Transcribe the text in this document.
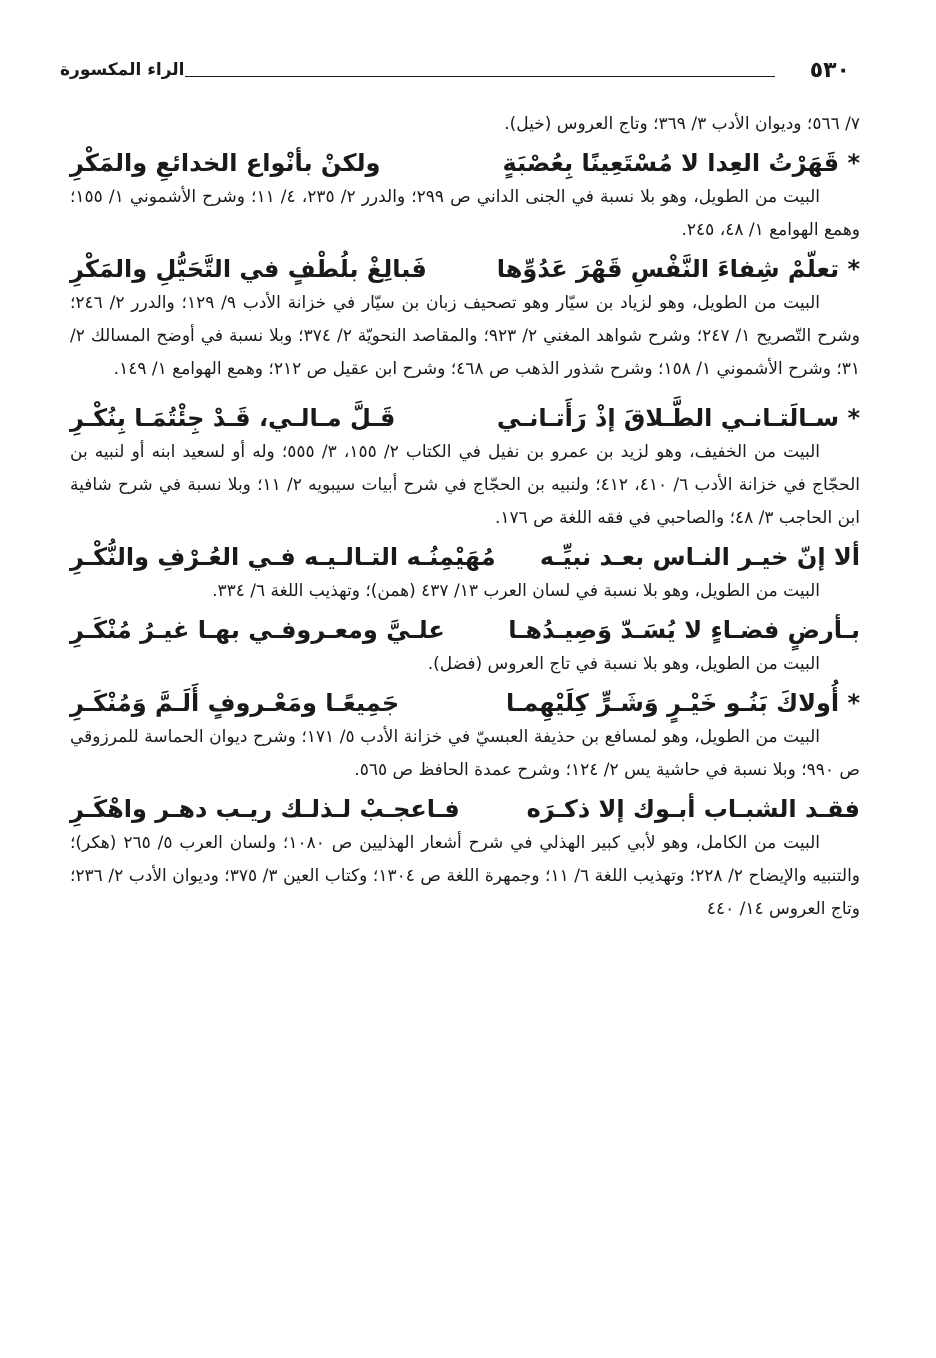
٥٣٠
الراء المكسورة
٧/ ٥٦٦؛ وديوان الأدب ٣/ ٣٦٩؛ وتاج العروس (خيل).
* قَهَرْتُ العِدا لا مُسْتَعِينًا بِعُصْبَةٍ
ولكنْ بأنْواع الخدائعِ والمَكْرِ
البيت من الطويل، وهو بلا نسبة في الجنى الداني ص ٢٩٩؛ والدرر ٢/ ٢٣٥، ٤/ ١١؛ وشرح الأشموني ١/ ١٥٥؛ وهمع الهوامع ١/ ٤٨، ٢٤٥.
* تعلّمْ شِفاءَ النَّفْسِ قَهْرَ عَدُوِّها
فَبالِغْ بلُطْفٍ في التَّحَيُّلِ والمَكْرِ
البيت من الطويل، وهو لزياد بن سيّار وهو تصحيف زبان بن سيّار في خزانة الأدب ٩/ ١٢٩؛ والدرر ٢/ ٢٤٦؛ وشرح التّصريح ١/ ٢٤٧؛ وشرح شواهد المغني ٢/ ٩٢٣؛ والمقاصد النحويّة ٢/ ٣٧٤؛ وبلا نسبة في أوضح المسالك ٢/ ٣١؛ وشرح الأشموني ١/ ١٥٨؛ وشرح شذور الذهب ص ٤٦٨؛ وشرح ابن عقيل ص ٢١٢؛ وهمع الهوامع ١/ ١٤٩.
* سـالَتـانـي الطَّـلاقَ إذْ رَأَتـانـي
قَـلَّ مـالـي، قَـدْ جِئْتُمَـا بِنُكْـرِ
البيت من الخفيف، وهو لزيد بن عمرو بن نفيل في الكتاب ٢/ ١٥٥، ٣/ ٥٥٥؛ وله أو لسعيد ابنه أو لنبيه بن الحجّاج في خزانة الأدب ٦/ ٤١٠، ٤١٢؛ ولنبيه بن الحجّاج في شرح أبيات سيبويه ٢/ ١١؛ وبلا نسبة في شرح شافية ابن الحاجب ٣/ ٤٨؛ والصاحبي في فقه اللغة ص ١٧٦.
ألا إنّ خيـر النـاس بعـد نبيِّـه
مُهَيْمِنُـه التـالـيـه فـي العُـرْفِ والنُّكْـرِ
البيت من الطويل، وهو بلا نسبة في لسان العرب ١٣/ ٤٣٧ (همن)؛ وتهذيب اللغة ٦/ ٣٣٤.
بـأرضٍ فضـاءٍ لا يُسَـدّ وَصِيـدُهـا
علـيَّ ومعـروفـي بهـا غيـرُ مُنْكَـرِ
البيت من الطويل، وهو بلا نسبة في تاج العروس (فضل).
* أُولاكَ بَنُـو خَيْـرٍ وَشَـرٍّ كِلَيْهِمـا
جَمِيعًـا ومَعْـروفٍ أَلَـمَّ وَمُنْكَـرِ
البيت من الطويل، وهو لمسافع بن حذيفة العبسيّ في خزانة الأدب ٥/ ١٧١؛ وشرح ديوان الحماسة للمرزوقي ص ٩٩٠؛ وبلا نسبة في حاشية يس ٢/ ١٢٤؛ وشرح عمدة الحافظ ص ٥٦٥.
فقـد الشبـاب أبـوك إلا ذكـرَه
فـاعجـبْ لـذلـك ريـب دهـر واهْكَـرِ
البيت من الكامل، وهو لأبي كبير الهذلي في شرح أشعار الهذليين ص ١٠٨٠؛ ولسان العرب ٥/ ٢٦٥ (هكر)؛ والتنبيه والإيضاح ٢/ ٢٢٨؛ وتهذيب اللغة ٦/ ١١؛ وجمهرة اللغة ص ١٣٠٤؛ وكتاب العين ٣/ ٣٧٥؛ وديوان الأدب ٢/ ٢٣٦؛ وتاج العروس ١٤/ ٤٤٠
